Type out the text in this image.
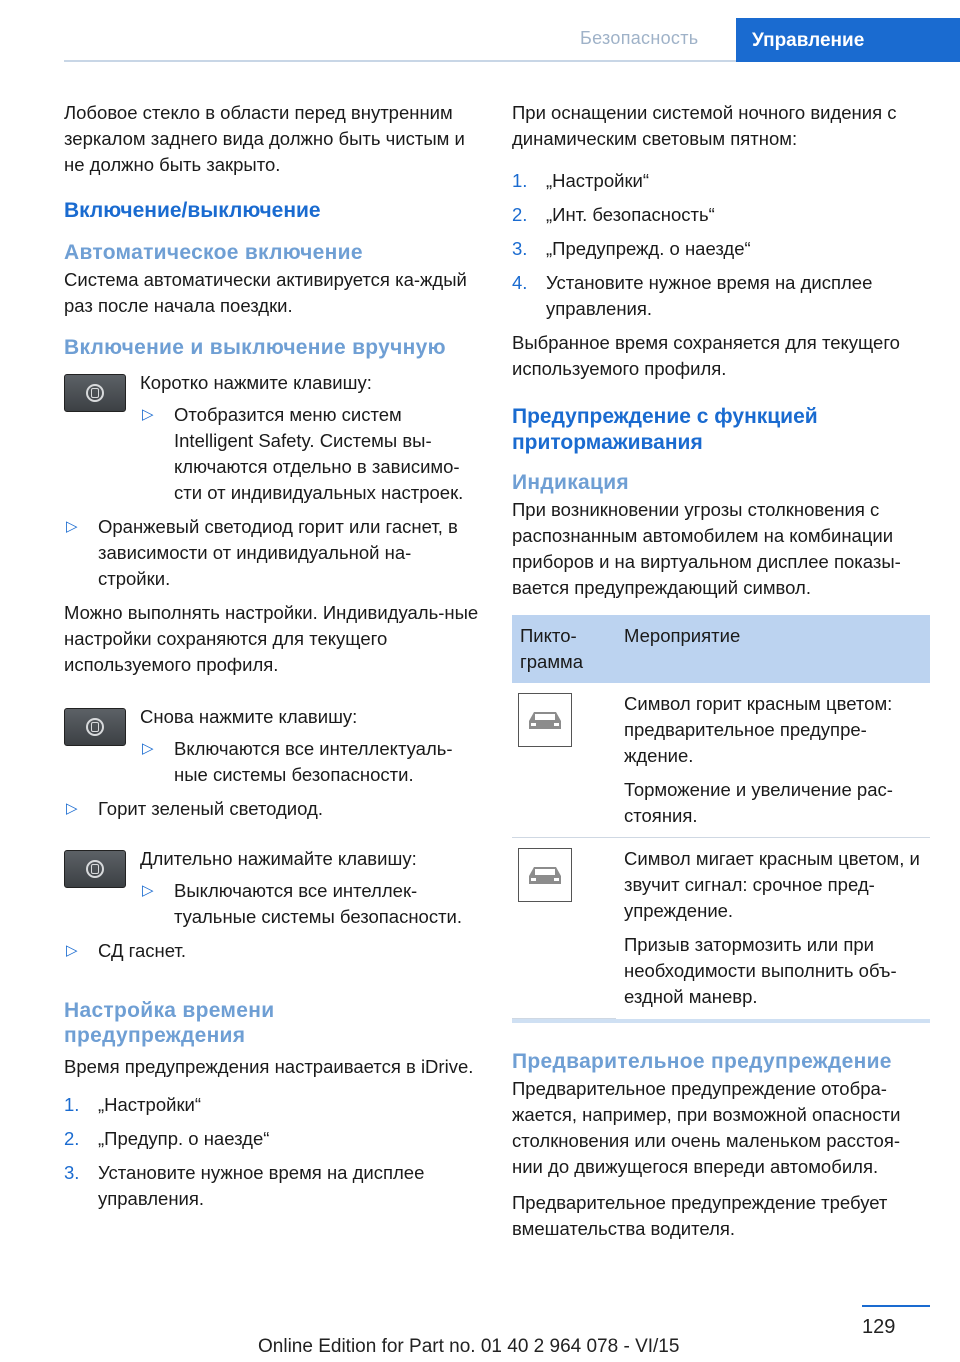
Безопасность	Управление

Лобовое стекло в области перед внутренним зеркалом заднего вида должно быть чистым и не должно быть закрыто.

Включение/выключение
Автоматическое включение

Система автоматически активируется ка-ждый раз после начала поездки.

Включение и выключение вручную

Коротко нажмите клавишу:

▷ Отобразится меню систем Intelligent Safety. Системы вы-ключаются отдельно в зависимо-сти от индивидуальных настроек.
▷ Оранжевый светодиод горит или гаснет, в зависимости от индивидуальной на-стройки.

Можно выполнять настройки. Индивидуаль-ные настройки сохраняются для текущего используемого профиля.

Снова нажмите клавишу:

▷ Включаются все интеллектуаль-ные системы безопасности.
▷ Горит зеленый светодиод.

Длительно нажимайте клавишу:

▷ Выключаются все интеллек-туальные системы безопасности.
▷ СД гаснет.
Настройка времени предупреждения

Время предупреждения настраивается в iDrive.

1. „Настройки“
2. „Предупр. о наезде“
3. Установите нужное время на дисплее управления.

При оснащении системой ночного видения с динамическим световым пятном:

1. „Настройки“
2. „Инт. безопасность“
3. „Предупрежд. о наезде“
4. Установите нужное время на дисплее управления.

Выбранное время сохраняется для текущего используемого профиля.

Предупреждение с функцией притормаживания
Индикация

При возникновении угрозы столкновения с распознанным автомобилем на комбинации приборов и на виртуальном дисплее показы-вается предупреждающий символ.

Пикто-грамма	Мероприятие

Символ горит красным цветом: предварительное предупре-ждение.

Торможение и увеличение рас-стояния.

Символ мигает красным цветом, и звучит сигнал: срочное пред-упреждение.

Призыв затормозить или при необходимости выполнить объ-ездной маневр.

Предварительное предупреждение

Предварительное предупреждение отобра-жается, например, при возможной опасности столкновения или очень маленьком расстоя-нии до движущегося впереди автомобиля.

Предварительное предупреждение требует вмешательства водителя.

129
Online Edition for Part no. 01 40 2 964 078 - VI/15
